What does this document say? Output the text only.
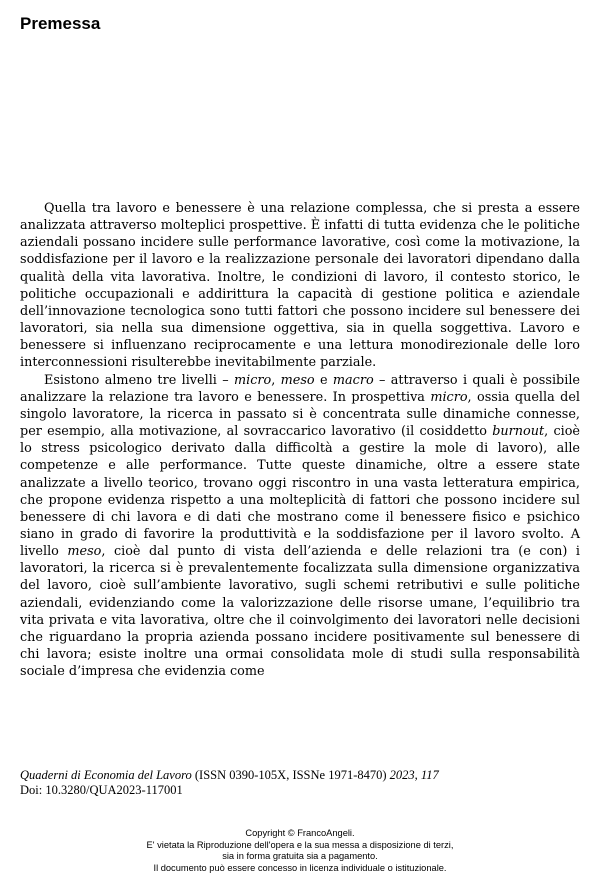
Premessa

Quella tra lavoro e benessere è una relazione complessa, che si presta a essere analizzata attraverso molteplici prospettive. È infatti di tutta evidenza che le politiche aziendali possano incidere sulle performance lavorative, così come la motivazione, la soddisfazione per il lavoro e la realizzazione personale dei lavoratori dipendano dalla qualità della vita lavorativa. Inoltre, le condizioni di lavoro, il contesto storico, le politiche occupazionali e addirittura la capacità di gestione politica e aziendale dell’innovazione tecnologica sono tutti fattori che possono incidere sul benessere dei lavoratori, sia nella sua dimensione oggettiva, sia in quella soggettiva. Lavoro e benessere si influenzano reciprocamente e una lettura monodirezionale delle loro interconnessioni risulterebbe inevitabilmente parziale.

Esistono almeno tre livelli – micro, meso e macro – attraverso i quali è possibile analizzare la relazione tra lavoro e benessere. In prospettiva micro, ossia quella del singolo lavoratore, la ricerca in passato si è concentrata sulle dinamiche connesse, per esempio, alla motivazione, al sovraccarico lavorativo (il cosiddetto burnout, cioè lo stress psicologico derivato dalla difficoltà a gestire la mole di lavoro), alle competenze e alle performance. Tutte queste dinamiche, oltre a essere state analizzate a livello teorico, trovano oggi riscontro in una vasta letteratura empirica, che propone evidenza rispetto a una molteplicità di fattori che possono incidere sul benessere di chi lavora e di dati che mostrano come il benessere fisico e psichico siano in grado di favorire la produttività e la soddisfazione per il lavoro svolto. A livello meso, cioè dal punto di vista dell’azienda e delle relazioni tra (e con) i lavoratori, la ricerca si è prevalentemente focalizzata sulla dimensione organizzativa del lavoro, cioè sull’ambiente lavorativo, sugli schemi retributivi e sulle politiche aziendali, evidenziando come la valorizzazione delle risorse umane, l’equilibrio tra vita privata e vita lavorativa, oltre che il coinvolgimento dei lavoratori nelle decisioni che riguardano la propria azienda possano incidere positivamente sul benessere di chi lavora; esiste inoltre una ormai consolidata mole di studi sulla responsabilità sociale d’impresa che evidenzia come

Quaderni di Economia del Lavoro (ISSN 0390-105X, ISSNe 1971-8470) 2023, 117
Doi: 10.3280/QUA2023-117001
Copyright © FrancoAngeli.
E' vietata la Riproduzione dell'opera e la sua messa a disposizione di terzi,
sia in forma gratuita sia a pagamento.
Il documento può essere concesso in licenza individuale o istituzionale.
